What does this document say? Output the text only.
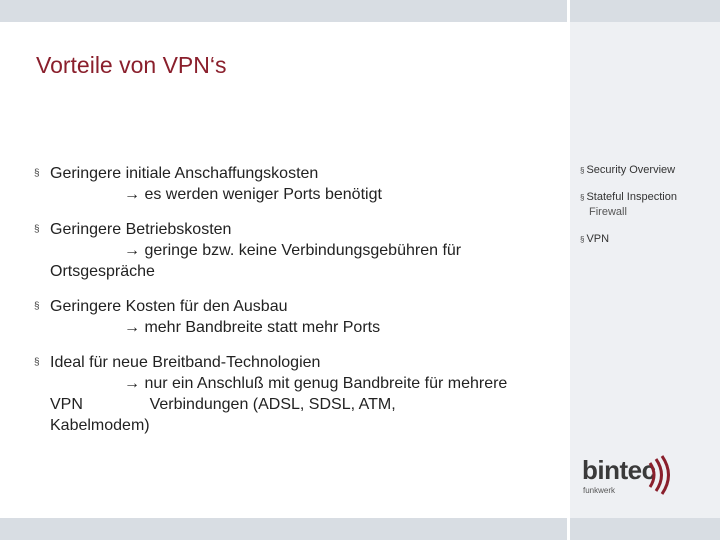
Vorteile von VPN‘s
§ Geringere initiale Anschaffungskosten
→ es werden weniger Ports benötigt
§ Geringere Betriebskosten
→ geringe bzw. keine Verbindungsgebühren für
Ortsgespräche
§ Geringere Kosten für den Ausbau
→ mehr Bandbreite statt mehr Ports
§ Ideal für neue Breitband-Technologien
→ nur ein Anschluß mit genug Bandbreite für mehrere
VPN               Verbindungen (ADSL, SDSL, ATM,
Kabelmodem)
§ Security Overview
§ Stateful Inspection
Firewall
§ VPN
bintec
funkwerk
